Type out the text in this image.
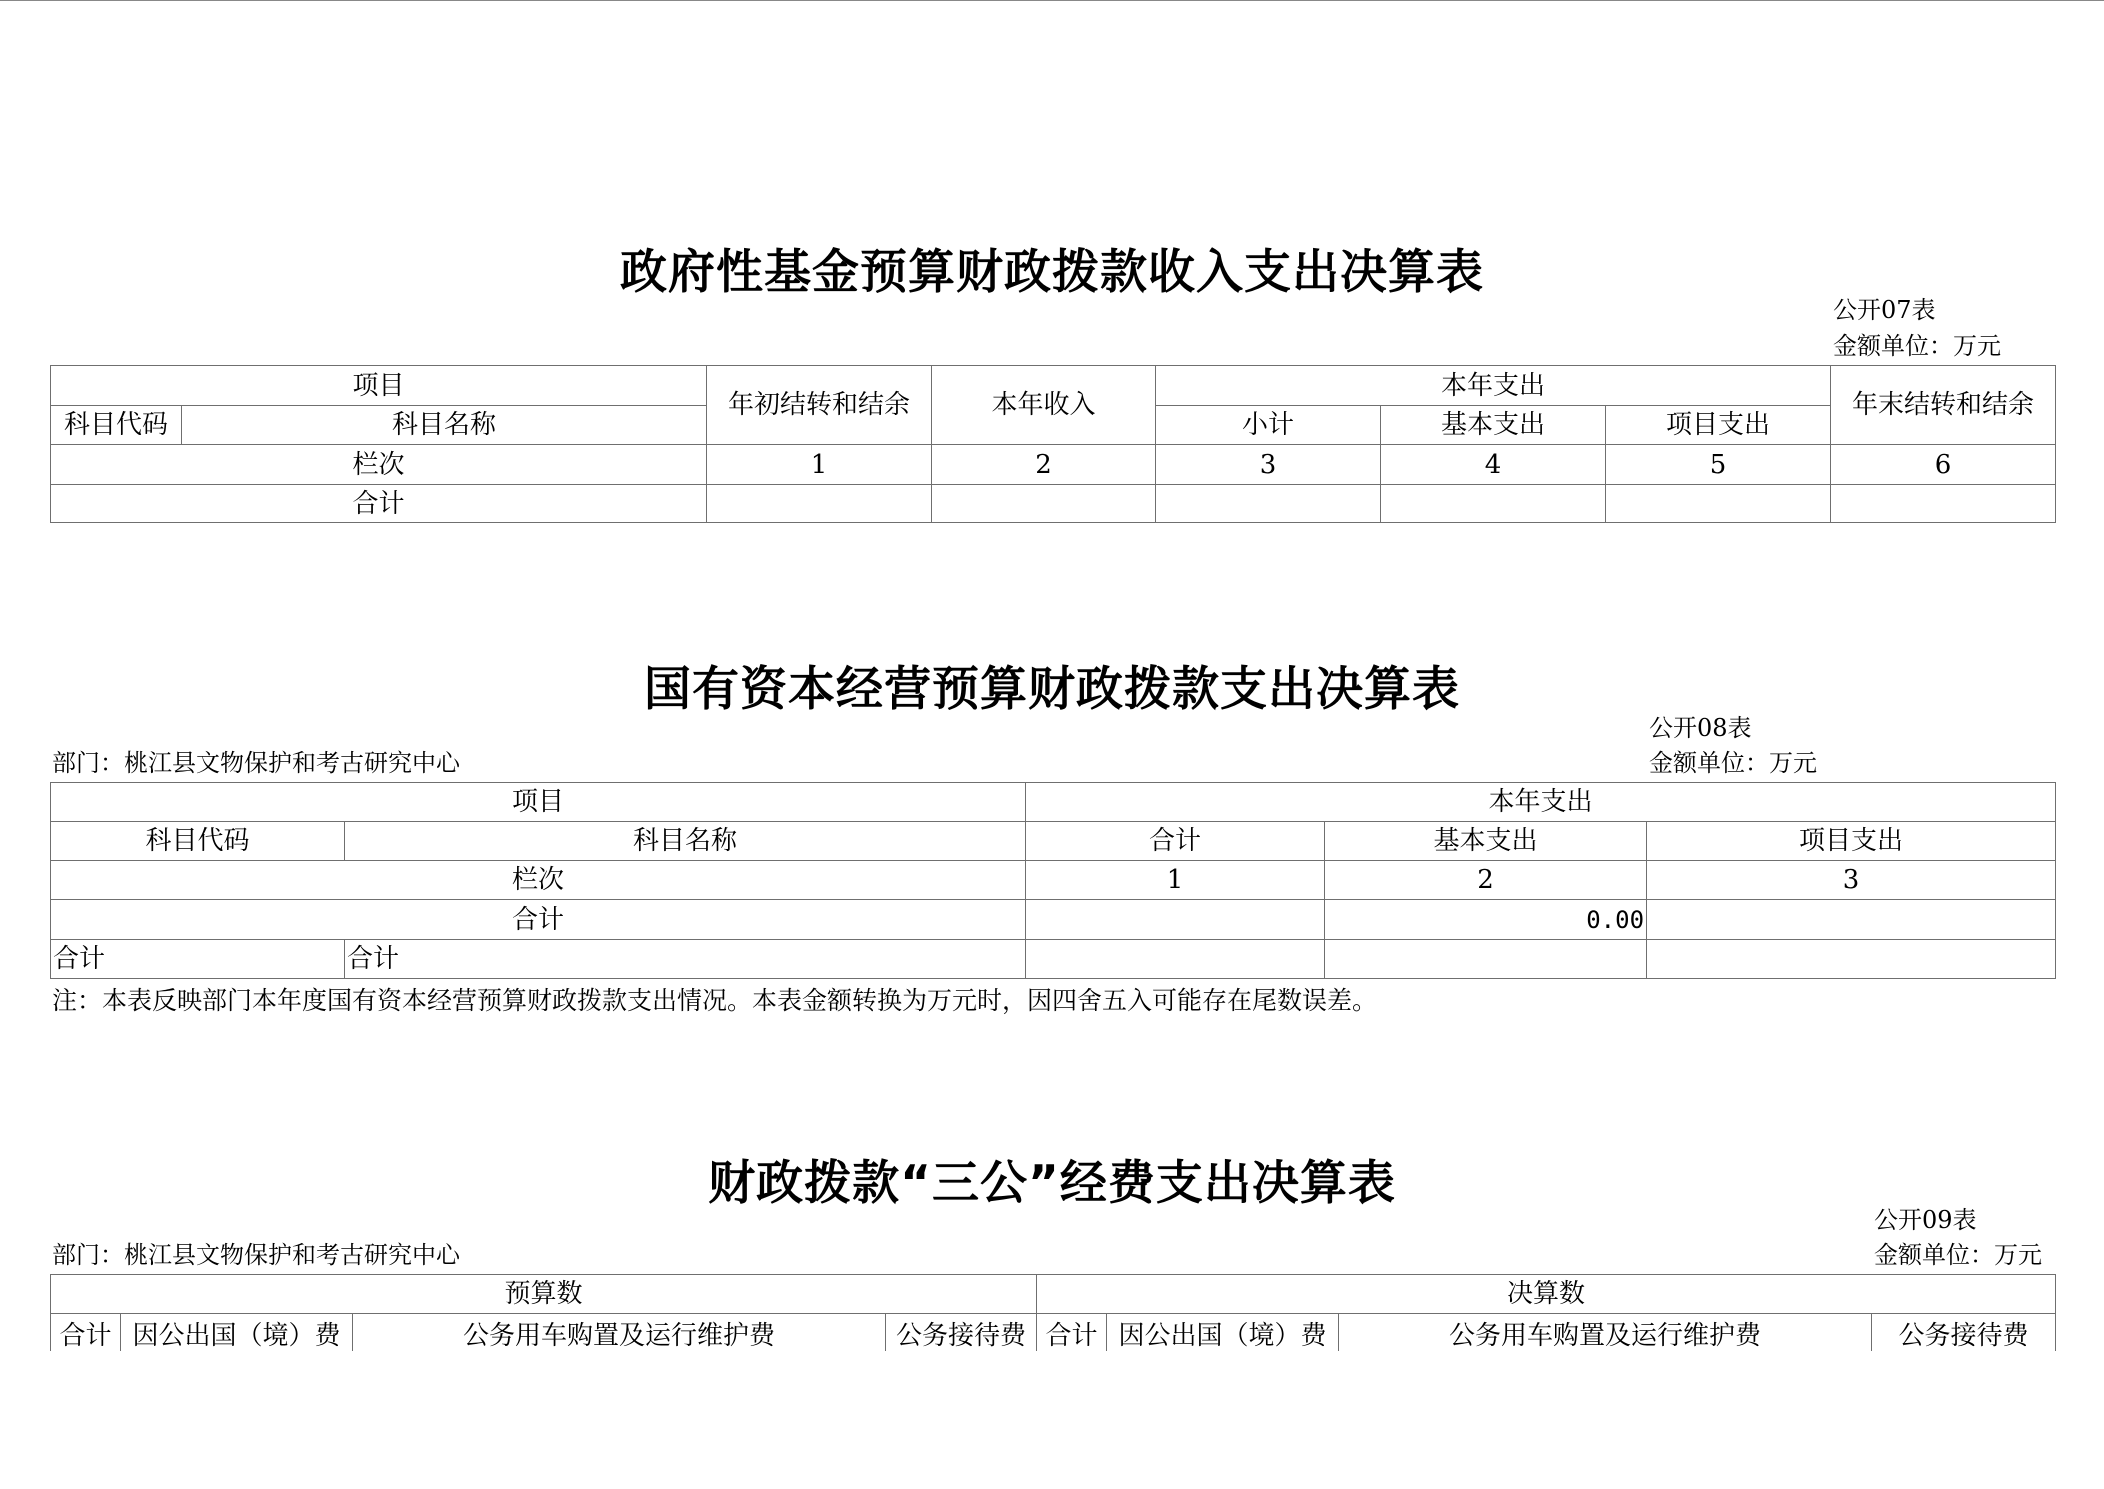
政府性基金预算财政拨款收入支出决算表
公开07表
金额单位：万元
项目		年初结转和结余	本年收入	本年支出			年末结转和结余
科目代码	科目名称			小计	基本支出	项目支出	
栏次		1	2	3	4	5	6
合计							
国有资本经营预算财政拨款支出决算表
公开08表
部门：桃江县文物保护和考古研究中心	金额单位：万元
项目		本年支出		
科目代码	科目名称	合计	基本支出	项目支出
栏次		1	2	3
合计			0.00	
合计	合计			
注：本表反映部门本年度国有资本经营预算财政拨款支出情况。本表金额转换为万元时，因四舍五入可能存在尾数误差。
财政拨款“三公”经费支出决算表
公开09表
部门：桃江县文物保护和考古研究中心	金额单位：万元
预算数				决算数			
合计	因公出国（境）费	公务用车购置及运行维护费	公务接待费	合计	因公出国（境）费	公务用车购置及运行维护费	公务接待费
